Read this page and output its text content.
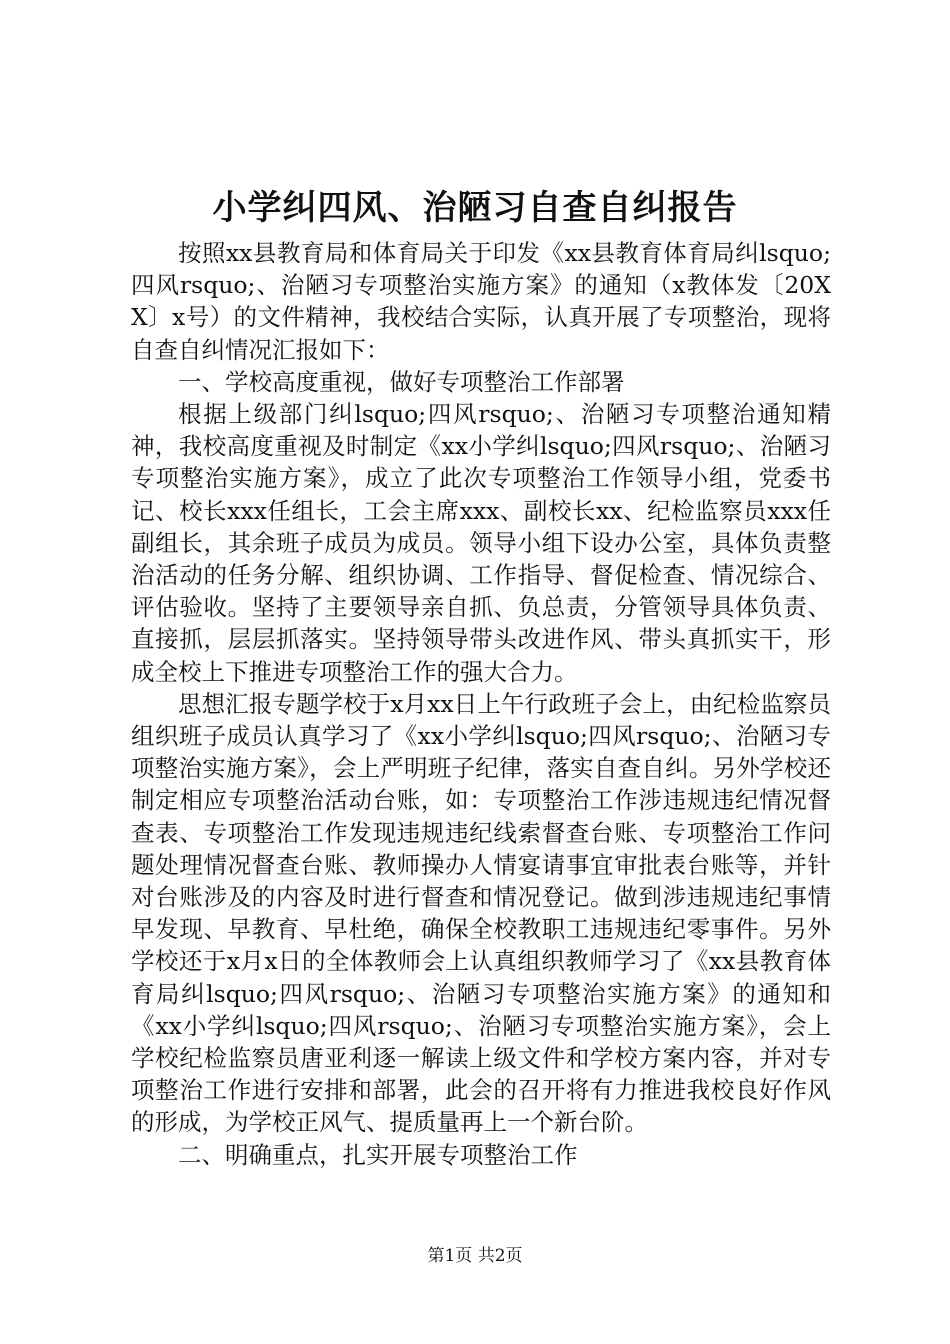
小学纠四风、治陋习自查自纠报告

按照xx县教育局和体育局关于印发《xx县教育体育局纠lsquo;四风rsquo;、治陋习专项整治实施方案》的通知（x教体发〔20XX〕x号）的文件精神，我校结合实际，认真开展了专项整治，现将自查自纠情况汇报如下：

一、学校高度重视，做好专项整治工作部署

根据上级部门纠lsquo;四风rsquo;、治陋习专项整治通知精神，我校高度重视及时制定《xx小学纠lsquo;四风rsquo;、治陋习专项整治实施方案》，成立了此次专项整治工作领导小组，党委书记、校长xxx任组长，工会主席xxx、副校长xx、纪检监察员xxx任副组长，其余班子成员为成员。领导小组下设办公室，具体负责整治活动的任务分解、组织协调、工作指导、督促检查、情况综合、评估验收。坚持了主要领导亲自抓、负总责，分管领导具体负责、直接抓，层层抓落实。坚持领导带头改进作风、带头真抓实干，形成全校上下推进专项整治工作的强大合力。

思想汇报专题学校于x月xx日上午行政班子会上，由纪检监察员组织班子成员认真学习了《xx小学纠lsquo;四风rsquo;、治陋习专项整治实施方案》，会上严明班子纪律，落实自查自纠。另外学校还制定相应专项整治活动台账，如：专项整治工作涉违规违纪情况督查表、专项整治工作发现违规违纪线索督查台账、专项整治工作问题处理情况督查台账、教师操办人情宴请事宜审批表台账等，并针对台账涉及的内容及时进行督查和情况登记。做到涉违规违纪事情早发现、早教育、早杜绝，确保全校教职工违规违纪零事件。另外学校还于x月x日的全体教师会上认真组织教师学习了《xx县教育体育局纠lsquo;四风rsquo;、治陋习专项整治实施方案》的通知和《xx小学纠lsquo;四风rsquo;、治陋习专项整治实施方案》，会上学校纪检监察员唐亚利逐一解读上级文件和学校方案内容，并对专项整治工作进行安排和部署，此会的召开将有力推进我校良好作风的形成，为学校正风气、提质量再上一个新台阶。

二、明确重点，扎实开展专项整治工作

第1页 共2页
